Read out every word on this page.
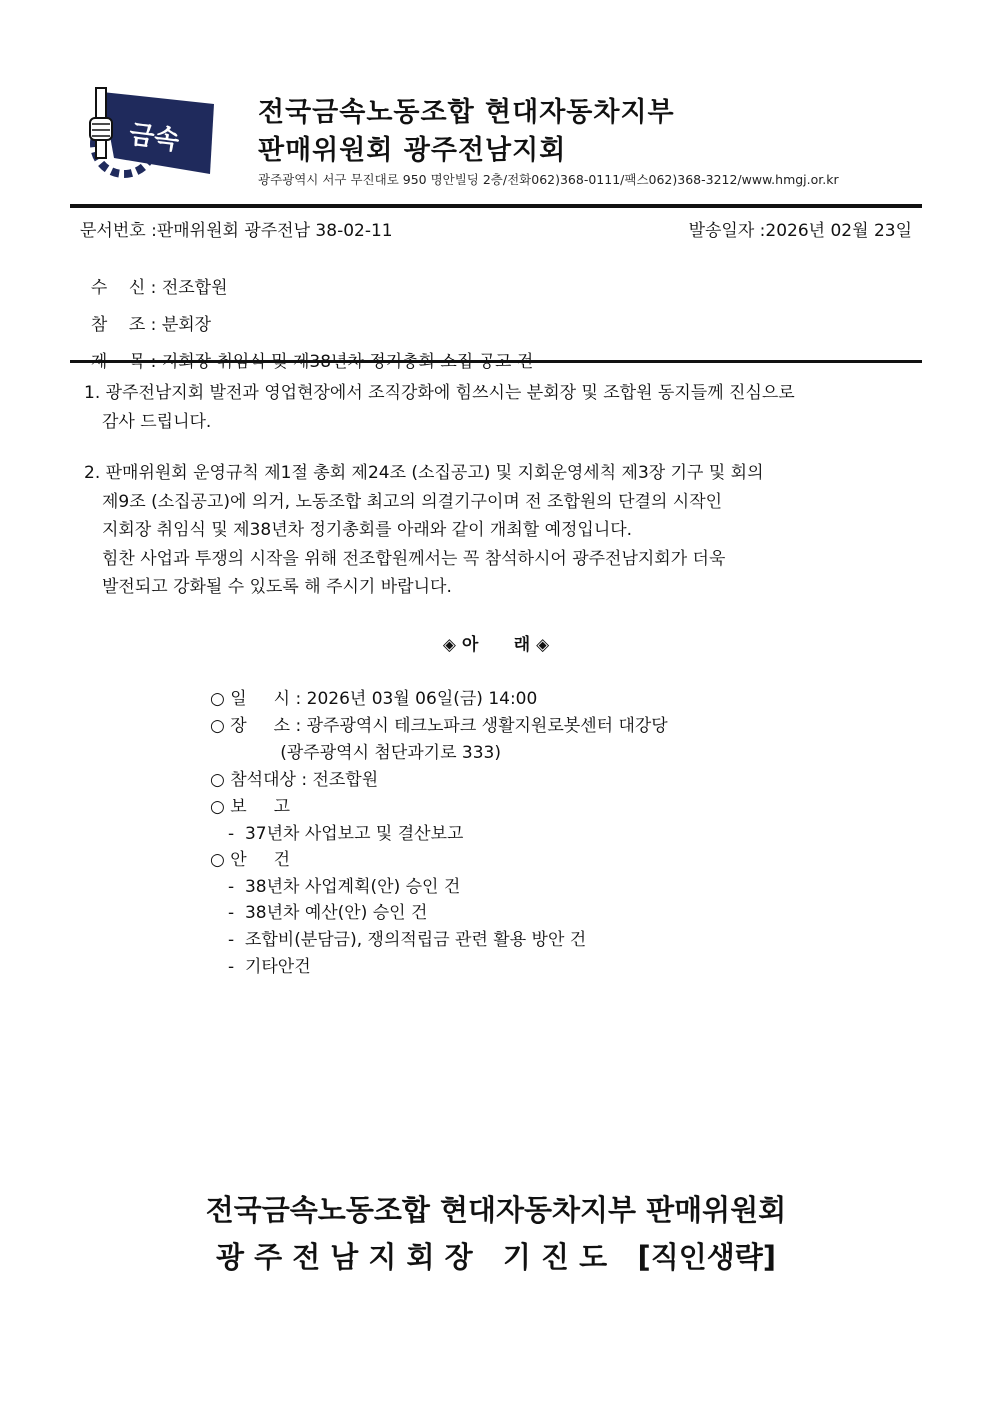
금속
전국금속노동조합 현대자동차지부
판매위원회 광주전남지회
광주광역시 서구 무진대로 950 명안빌딩 2층/전화062)368-0111/팩스062)368-3212/www.hmgj.or.kr
문서번호 :판매위원회 광주전남 38-02-11	발송일자 :2026년 02월 23일

수    신 : 전조합원

참    조 : 분회장

1. 광주전남지회 발전과 영업현장에서 조직강화에 힘쓰시는 분회장 및 조합원 동지들께 진심으로
감사 드립니다.
2. 판매위원회 운영규칙 제1절 총회 제24조 (소집공고) 및 지회운영세칙 제3장 기구 및 회의
제9조 (소집공고)에 의거, 노동조합 최고의 의결기구이며 전 조합원의 단결의 시작인
지회장 취임식 및 제38년차 정기총회를 아래와 같이 개최할 예정입니다.
힘찬 사업과 투쟁의 시작을 위해 전조합원께서는 꼭 참석하시어 광주전남지회가 더욱
발전되고 강화될 수 있도록 해 주시기 바랍니다.
◈ 아      래 ◈
○ 일     시 : 2026년 03월 06일(금) 14:00
○ 장     소 : 광주광역시 테크노파크 생활지원로봇센터 대강당
(광주광역시 첨단과기로 333)
○ 참석대상 : 전조합원
○ 보     고
-  37년차 사업보고 및 결산보고
○ 안     건
-  38년차 사업계획(안) 승인 건
-  38년차 예산(안) 승인 건
-  조합비(분담금), 쟁의적립금 관련 활용 방안 건
-  기타안건
전국금속노동조합 현대자동차지부 판매위원회
광 주 전 남 지 회 장   기 진 도   [직인생략]
